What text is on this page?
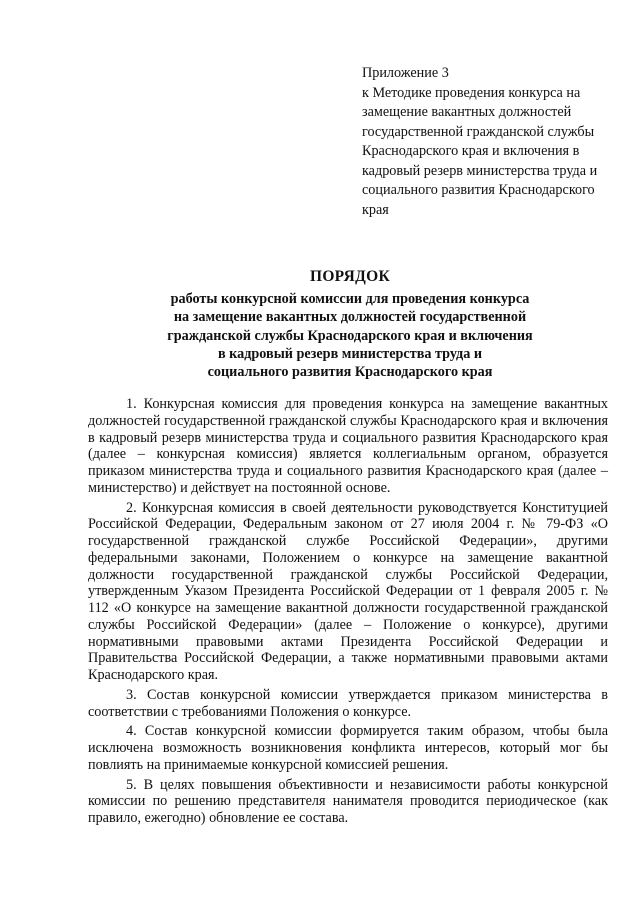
Приложение 3
к Методике проведения конкурса на
замещение вакантных должностей
государственной гражданской службы
Краснодарского края и включения в
кадровый резерв министерства труда и
социального развития Краснодарского
края
ПОРЯДОК
работы конкурсной комиссии для проведения конкурса
на замещение вакантных должностей государственной
гражданской службы Краснодарского края и включения
в кадровый резерв министерства труда и
социального развития Краснодарского края

1. Конкурсная комиссия для проведения конкурса на замещение вакантных должностей государственной гражданской службы Краснодарского края и включения в кадровый резерв министерства труда и социального развития Краснодарского края (далее – конкурсная комиссия) является коллегиальным органом, образуется приказом министерства труда и социального развития Краснодарского края (далее – министерство) и действует на постоянной основе.

2. Конкурсная комиссия в своей деятельности руководствуется Конституцией Российской Федерации, Федеральным законом от 27 июля 2004 г. № 79-ФЗ «О государственной гражданской службе Российской Федерации», другими федеральными законами, Положением о конкурсе на замещение вакантной должности государственной гражданской службы Российской Федерации, утвержденным Указом Президента Российской Федерации от 1 февраля 2005 г. № 112 «О конкурсе на замещение вакантной должности государственной гражданской службы Российской Федерации» (далее – Положение о конкурсе), другими нормативными правовыми актами Президента Российской Федерации и Правительства Российской Федерации, а также нормативными правовыми актами Краснодарского края.

3. Состав конкурсной комиссии утверждается приказом министерства в соответствии с требованиями Положения о конкурсе.

4. Состав конкурсной комиссии формируется таким образом, чтобы была исключена возможность возникновения конфликта интересов, который мог бы повлиять на принимаемые конкурсной комиссией решения.

5. В целях повышения объективности и независимости работы конкурсной комиссии по решению представителя нанимателя проводится периодическое (как правило, ежегодно) обновление ее состава.
